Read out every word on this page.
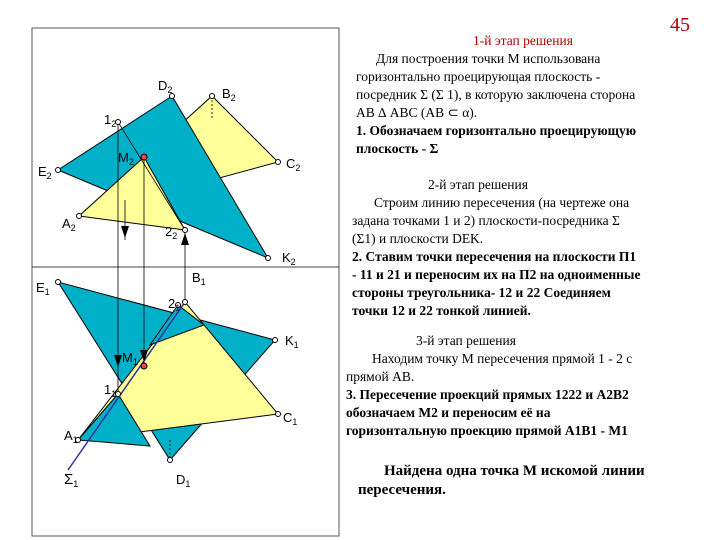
$D_2$	$B_2$
$1_2$
$M_2$	$C_2$
$E_2$
$A_2$	$2_2$
$K_2$
$E_1$
$B_1$
$2_1$
$K_1$
$M_1$
$1_1$
$C_1$
$A_1$
$\Sigma_1$	$D_1$
45
1-й этап решения
Для построения точки М использована
горизонтально проецирующая плоскость -
посредник Σ (Σ 1), в которую заключена сторона
АВ ∆ АВС (АВ ⊂ α).
1. Обозначаем горизонтально проецирующую
плоскость - Σ
2-й этап решения
Строим линию пересечения (на чертеже она
задана точками 1 и 2) плоскости-посредника Σ
(Σ1) и плоскости DEK.
2. Ставим точки пересечения на плоскости П1
- 11 и 21 и переносим их на П2 на одноименные
стороны треугольника- 12 и 22 Соединяем
точки 12 и 22 тонкой линией.
3-й этап решения
Находим точку М пересечения прямой 1 - 2 с
прямой АВ.
3. Пересечение проекций прямых 1222 и А2В2
обозначаем М2 и переносим её на
горизонтальную проекцию прямой А1В1 - М1
Найдена одна точка М искомой линии
пересечения.
